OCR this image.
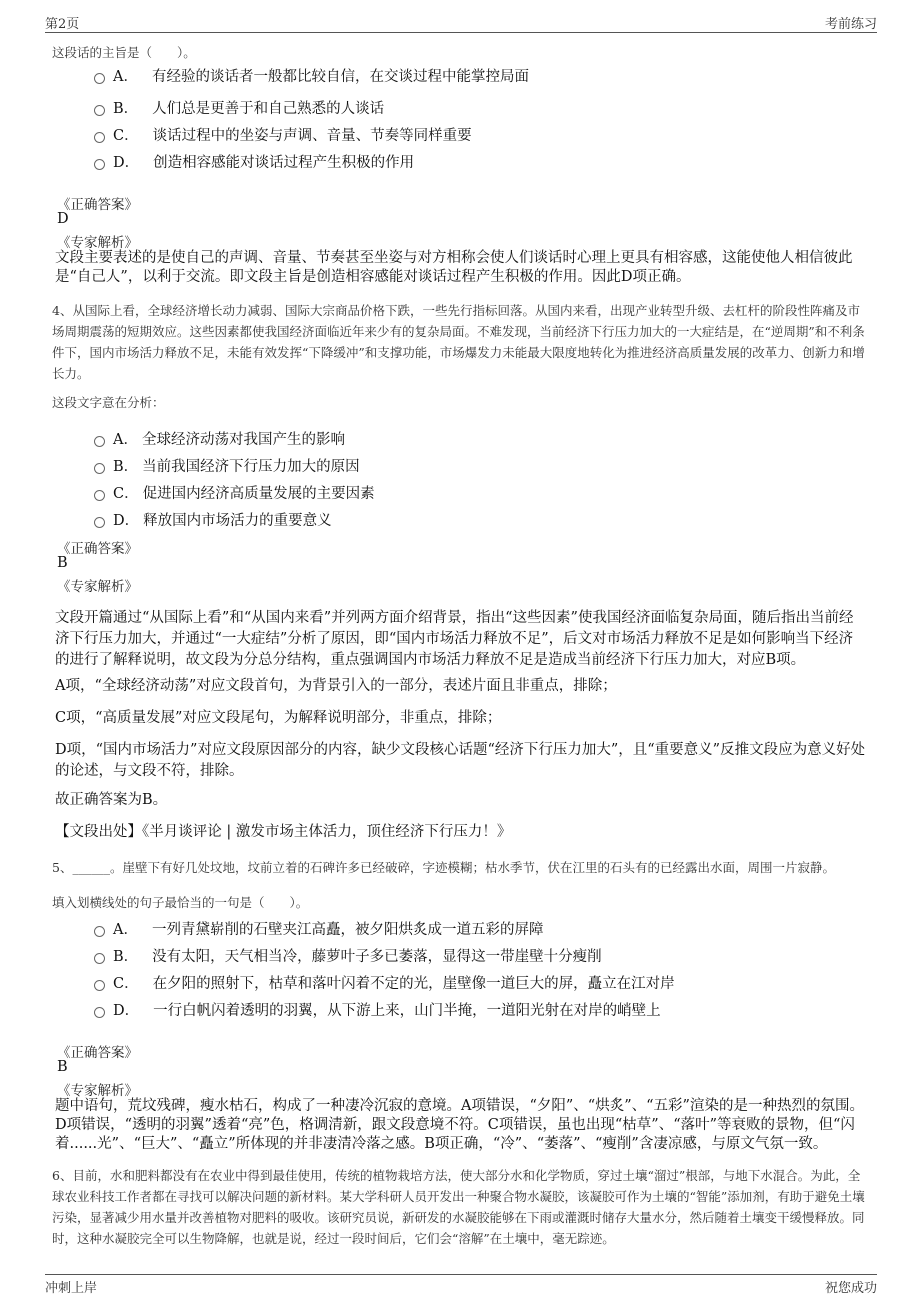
第2页	考前练习
这段话的主旨是（　　）。
A． 有经验的谈话者一般都比较自信，在交谈过程中能掌控局面
B． 人们总是更善于和自己熟悉的人谈话
C． 谈话过程中的坐姿与声调、音量、节奏等同样重要
D． 创造相容感能对谈话过程产生积极的作用
《正确答案》
D
《专家解析》
文段主要表述的是使自己的声调、音量、节奏甚至坐姿与对方相称会使人们谈话时心理上更具有相容感，这能使他人相信彼此是“自己人”，以利于交流。即文段主旨是创造相容感能对谈话过程产生积极的作用。因此D项正确。
4、从国际上看，全球经济增长动力减弱、国际大宗商品价格下跌，一些先行指标回落。从国内来看，出现产业转型升级、去杠杆的阶段性阵痛及市场周期震荡的短期效应。这些因素都使我国经济面临近年来少有的复杂局面。不难发现，当前经济下行压力加大的一大症结是，在“逆周期”和不利条件下，国内市场活力释放不足，未能有效发挥“下降缓冲”和支撑功能，市场爆发力未能最大限度地转化为推进经济高质量发展的改革力、创新力和增长力。
这段文字意在分析：
A． 全球经济动荡对我国产生的影响
B． 当前我国经济下行压力加大的原因
C． 促进国内经济高质量发展的主要因素
D． 释放国内市场活力的重要意义
《正确答案》
B
《专家解析》
文段开篇通过“从国际上看”和“从国内来看”并列两方面介绍背景，指出“这些因素”使我国经济面临复杂局面，随后指出当前经济下行压力加大，并通过“一大症结”分析了原因，即“国内市场活力释放不足”，后文对市场活力释放不足是如何影响当下经济的进行了解释说明，故文段为分总分结构，重点强调国内市场活力释放不足是造成当前经济下行压力加大，对应B项。
A项，“全球经济动荡”对应文段首句，为背景引入的一部分，表述片面且非重点，排除；
C项，“高质量发展”对应文段尾句，为解释说明部分，非重点，排除；
D项，“国内市场活力”对应文段原因部分的内容，缺少文段核心话题“经济下行压力加大”，且“重要意义”反推文段应为意义好处的论述，与文段不符，排除。
故正确答案为B。
【文段出处】《半月谈评论 | 激发市场主体活力，顶住经济下行压力！》
5、______。崖壁下有好几处坟地，坟前立着的石碑许多已经破碎，字迹模糊；枯水季节，伏在江里的石头有的已经露出水面，周围一片寂静。
填入划横线处的句子最恰当的一句是（　　）。
A． 一列青黛崭削的石壁夹江高矗，被夕阳烘炙成一道五彩的屏障
B． 没有太阳，天气相当冷，藤萝叶子多已萎落，显得这一带崖壁十分瘦削
C． 在夕阳的照射下，枯草和落叶闪着不定的光，崖壁像一道巨大的屏，矗立在江对岸
D． 一行白帆闪着透明的羽翼，从下游上来，山门半掩，一道阳光射在对岸的峭壁上
《正确答案》
B
《专家解析》
题中语句，荒坟残碑，瘦水枯石，构成了一种凄冷沉寂的意境。A项错误，“夕阳”、“烘炙”、“五彩”渲染的是一种热烈的氛围。D项错误，“透明的羽翼”透着“亮”色，格调清新，跟文段意境不符。C项错误，虽也出现“枯草”、“落叶”等衰败的景物，但“闪着......光”、“巨大”、“矗立”所体现的并非凄清冷落之感。B项正确，“冷”、“萎落”、“瘦削”含凄凉感，与原文气氛一致。
6、目前，水和肥料都没有在农业中得到最佳使用，传统的植物栽培方法，使大部分水和化学物质，穿过土壤“溜过”根部，与地下水混合。为此，全球农业科技工作者都在寻找可以解决问题的新材料。某大学科研人员开发出一种聚合物水凝胶，该凝胶可作为土壤的“智能”添加剂，有助于避免土壤污染，显著减少用水量并改善植物对肥料的吸收。该研究员说，新研发的水凝胶能够在下雨或灌溉时储存大量水分，然后随着土壤变干缓慢释放。同时，这种水凝胶完全可以生物降解，也就是说，经过一段时间后，它们会“溶解”在土壤中，毫无踪迹。
冲刺上岸	祝您成功
